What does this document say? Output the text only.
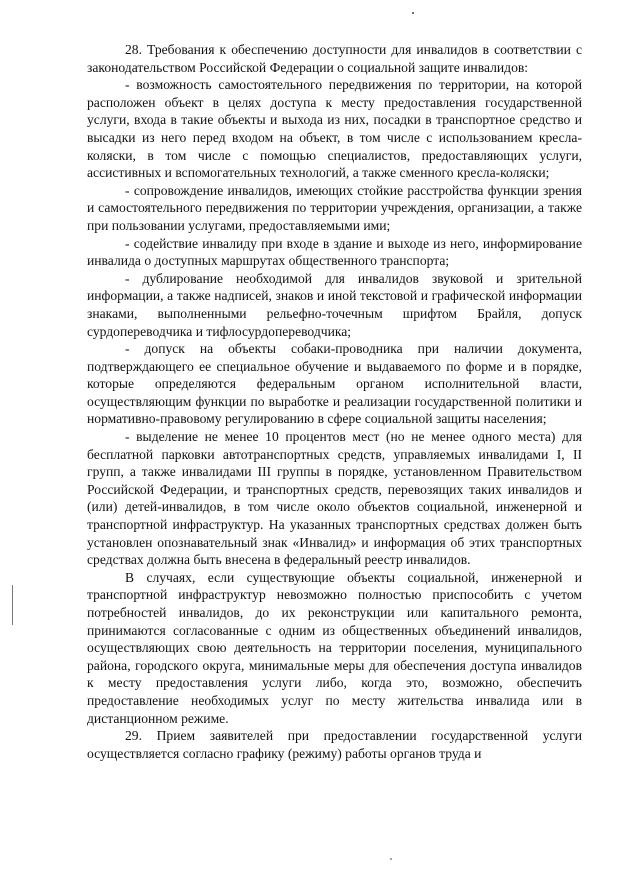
28. Требования к обеспечению доступности для инвалидов в соответствии с законодательством Российской Федерации о социальной защите инвалидов:

- возможность самостоятельного передвижения по территории, на которой расположен объект в целях доступа к месту предоставления государственной услуги, входа в такие объекты и выхода из них, посадки в транспортное средство и высадки из него перед входом на объект, в том числе с использованием кресла-коляски, в том числе с помощью специалистов, предоставляющих услуги, ассистивных и вспомогательных технологий, а также сменного кресла-коляски;

- сопровождение инвалидов, имеющих стойкие расстройства функции зрения и самостоятельного передвижения по территории учреждения, организации, а также при пользовании услугами, предоставляемыми ими;

- содействие инвалиду при входе в здание и выходе из него, информирование инвалида о доступных маршрутах общественного транспорта;

- дублирование необходимой для инвалидов звуковой и зрительной информации, а также надписей, знаков и иной текстовой и графической информации знаками, выполненными рельефно-точечным шрифтом Брайля, допуск сурдопереводчика и тифлосурдопереводчика;

- допуск на объекты собаки-проводника при наличии документа, подтверждающего ее специальное обучение и выдаваемого по форме и в порядке, которые определяются федеральным органом исполнительной власти, осуществляющим функции по выработке и реализации государственной политики и нормативно-правовому регулированию в сфере социальной защиты населения;

- выделение не менее 10 процентов мест (но не менее одного места) для бесплатной парковки автотранспортных средств, управляемых инвалидами I, II групп, а также инвалидами III группы в порядке, установленном Правительством Российской Федерации, и транспортных средств, перевозящих таких инвалидов и (или) детей-инвалидов, в том числе около объектов социальной, инженерной и транспортной инфраструктур. На указанных транспортных средствах должен быть установлен опознавательный знак «Инвалид» и информация об этих транспортных средствах должна быть внесена в федеральный реестр инвалидов.

В случаях, если существующие объекты социальной, инженерной и транспортной инфраструктур невозможно полностью приспособить с учетом потребностей инвалидов, до их реконструкции или капитального ремонта, принимаются согласованные с одним из общественных объединений инвалидов, осуществляющих свою деятельность на территории поселения, муниципального района, городского округа, минимальные меры для обеспечения доступа инвалидов к месту предоставления услуги либо, когда это, возможно, обеспечить предоставление необходимых услуг по месту жительства инвалида или в дистанционном режиме.

29. Прием заявителей при предоставлении государственной услуги осуществляется согласно графику (режиму) работы органов труда и
